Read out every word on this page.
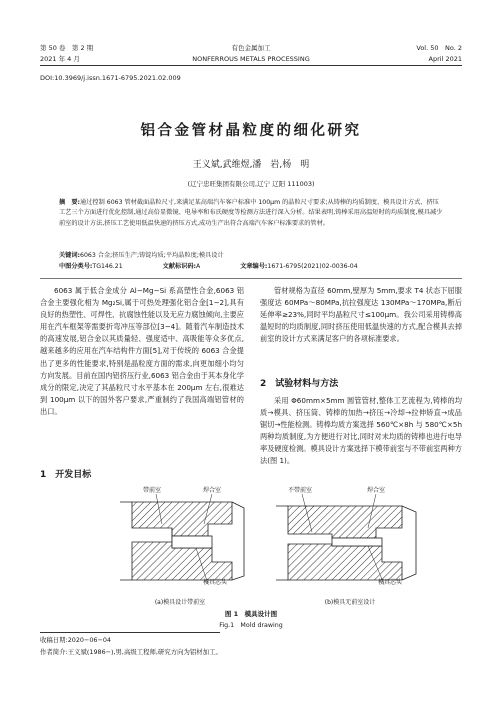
第 50 卷　第 2 期
2021 年 4 月
有色金属加工
NONFERROUS METALS PROCESSING
Vol. 50　No. 2
April 2021
DOI:10.3969/j.issn.1671-6795.2021.02.009
铝合金管材晶粒度的细化研究
王义斌,武维煜,潘　岩,杨　明
(辽宁忠旺集团有限公司,辽宁 辽阳 111003)
摘　要:通过控制 6063 管材截面晶粒尺寸,来满足某高端汽车客户标准中 100μm 的晶粒尺寸要求;从铸棒的均质制度、模具设计方式、挤压工艺三个方面进行优化控制,通过高倍显微镜、电导率和布氏硬度等检测方法进行深入分析。结果表明,铸棒采用高温短时的均质制度,模具减少前室的设计方法,挤压工艺使用低温快速的挤压方式,成功生产出符合高端汽车客户标准要求的管材。
关键词:6063 合金;挤压生产;铸锭均质;平均晶粒度;模具设计
中图分类号:TG146.21	文献标识码:A	文章编号:1671-6795(2021)02-0036-04
6063 属于低合金成分 Al−Mg−Si 系高塑性合金,6063 铝合金主要强化相为 Mg₂Si,属于可热处理强化铝合金[1−2],具有良好的热塑性、可焊性、抗腐蚀性能以及无应力腐蚀倾向,主要应用在汽车框架等需要折弯冲压等部位[3−4]。随着汽车制造技术的高速发展,铝合金以其质量轻、强度适中、高吸能等众多优点,越来越多的应用在汽车结构件方面[5],对于传统的 6063 合金提出了更多的性能要求,特别是晶粒度方面的需求,向更加细小均匀方向发展。目前在国内铝挤压行业,6063 铝合金由于其本身化学成分的限定,决定了其晶粒尺寸水平基本在 200μm 左右,很难达到 100μm 以下的国外客户要求,严重制约了我国高端铝管材的出口。
1　开发目标
管材规格为直径 60mm,壁厚为 5mm,要求 T4 状态下屈服强度达 60MPa～80MPa,抗拉强度达 130MPa～170MPa,断后延伸率≥23%,同时平均晶粒尺寸≤100μm。我公司采用铸棒高温短时的均质制度,同时挤压使用低温快速的方式,配合模具去掉前室的设计方式来满足客户的各项标准要求。
2　试验材料与方法
采用 Φ60mm×5mm 圆管管材,整体工艺流程为,铸棒的均质→模具、挤压筒、铸棒的加热→挤压→冷却→拉伸矫直→成品锯切→性能检测。铸棒均质方案选择 560℃×8h 与 580℃×5h 两种均质制度,为方便进行对比,同时对未均质的铸棒也进行电导率及硬度检测。模具设计方案选择下模带前室与不带前室两种方法(图 1)。
带前室	焊合室
模具芯头
不带前室	焊合室
模具芯头
(a)模具设计带前室	(b)模具无前室设计
图 1　模具设计图
Fig.1　Mold drawing
收稿日期:2020−06−04
作者简介:王义斌(1986−),男,高级工程师,研究方向为铝材加工。
